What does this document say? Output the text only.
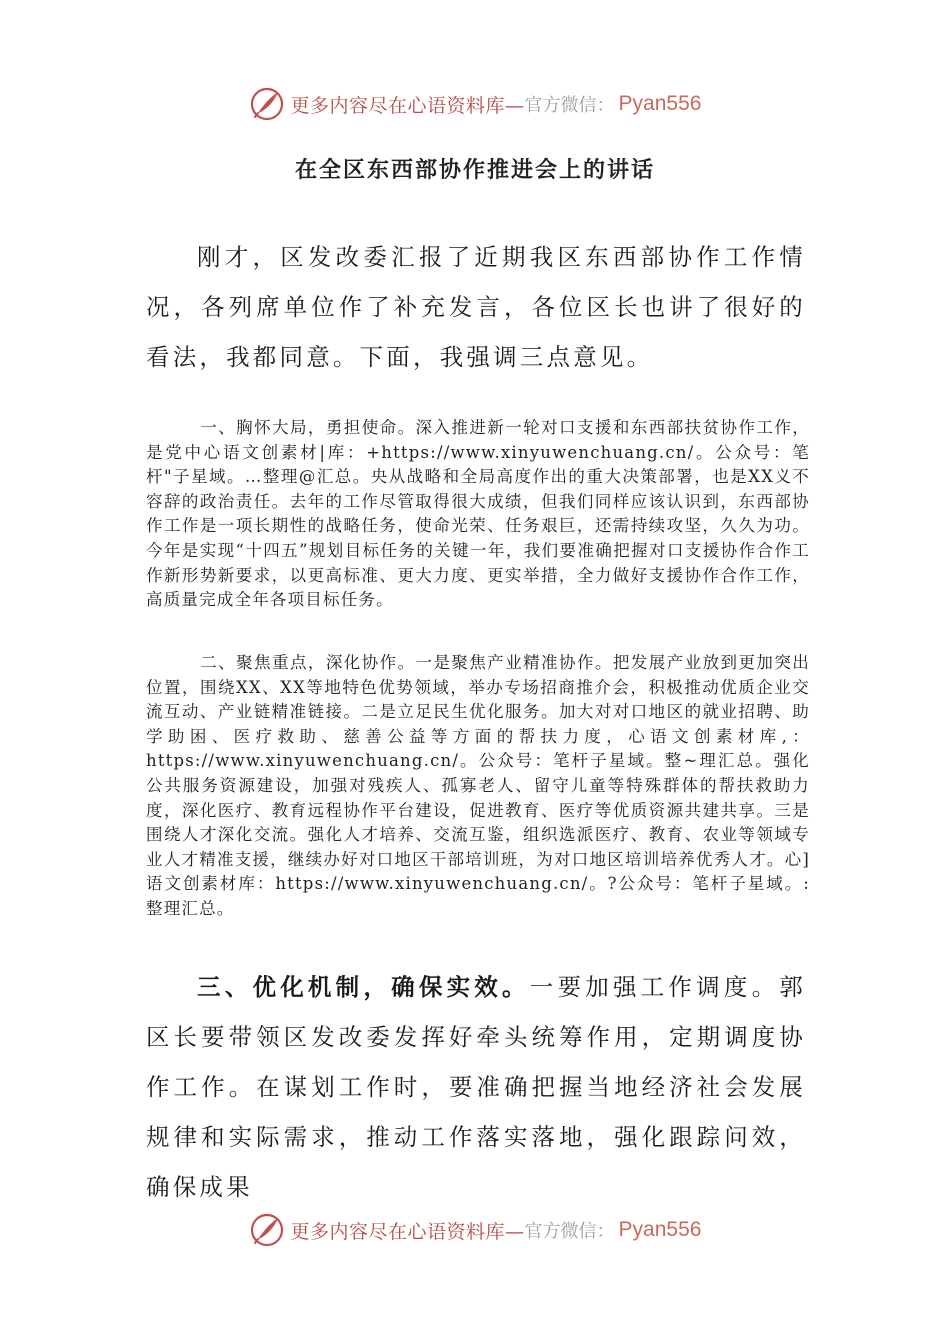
更多内容尽在心语资料库— 官方微信： Pyan556
在全区东西部协作推进会上的讲话
刚才，区发改委汇报了近期我区东西部协作工作情况，各列席单位作了补充发言，各位区长也讲了很好的看法，我都同意。下面，我强调三点意见。
一、胸怀大局，勇担使命。深入推进新一轮对口支援和东西部扶贫协作工作，是党中心语文创素材|库：+https://www.xinyuwenchuang.cn/。公众号：笔杆"子星域。…整理@汇总。央从战略和全局高度作出的重大决策部署，也是XX义不容辞的政治责任。去年的工作尽管取得很大成绩，但我们同样应该认识到，东西部协作工作是一项长期性的战略任务，使命光荣、任务艰巨，还需持续攻坚，久久为功。今年是实现“十四五”规划目标任务的关键一年，我们要准确把握对口支援协作合作工作新形势新要求，以更高标准、更大力度、更实举措，全力做好支援协作合作工作，高质量完成全年各项目标任务。
二、聚焦重点，深化协作。一是聚焦产业精准协作。把发展产业放到更加突出位置，围绕XX、XX等地特色优势领域，举办专场招商推介会，积极推动优质企业交流互动、产业链精准链接。二是立足民生优化服务。加大对对口地区的就业招聘、助学助困、医疗救助、慈善公益等方面的帮扶力度，心语文创素材库,：https://www.xinyuwenchuang.cn/。公众号：笔杆子星域。整~理汇总。强化公共服务资源建设，加强对残疾人、孤寡老人、留守儿童等特殊群体的帮扶救助力度，深化医疗、教育远程协作平台建设，促进教育、医疗等优质资源共建共享。三是围绕人才深化交流。强化人才培养、交流互鉴，组织选派医疗、教育、农业等领域专业人才精准支援，继续办好对口地区干部培训班，为对口地区培训培养优秀人才。心]语文创素材库：https://www.xinyuwenchuang.cn/。?公众号：笔杆子星域。:整理汇总。
三、优化机制，确保实效。一要加强工作调度。郭区长要带领区发改委发挥好牵头统筹作用，定期调度协作工作。在谋划工作时，要准确把握当地经济社会发展规律和实际需求，推动工作落实落地，强化跟踪问效，确保成果
更多内容尽在心语资料库— 官方微信： Pyan556
